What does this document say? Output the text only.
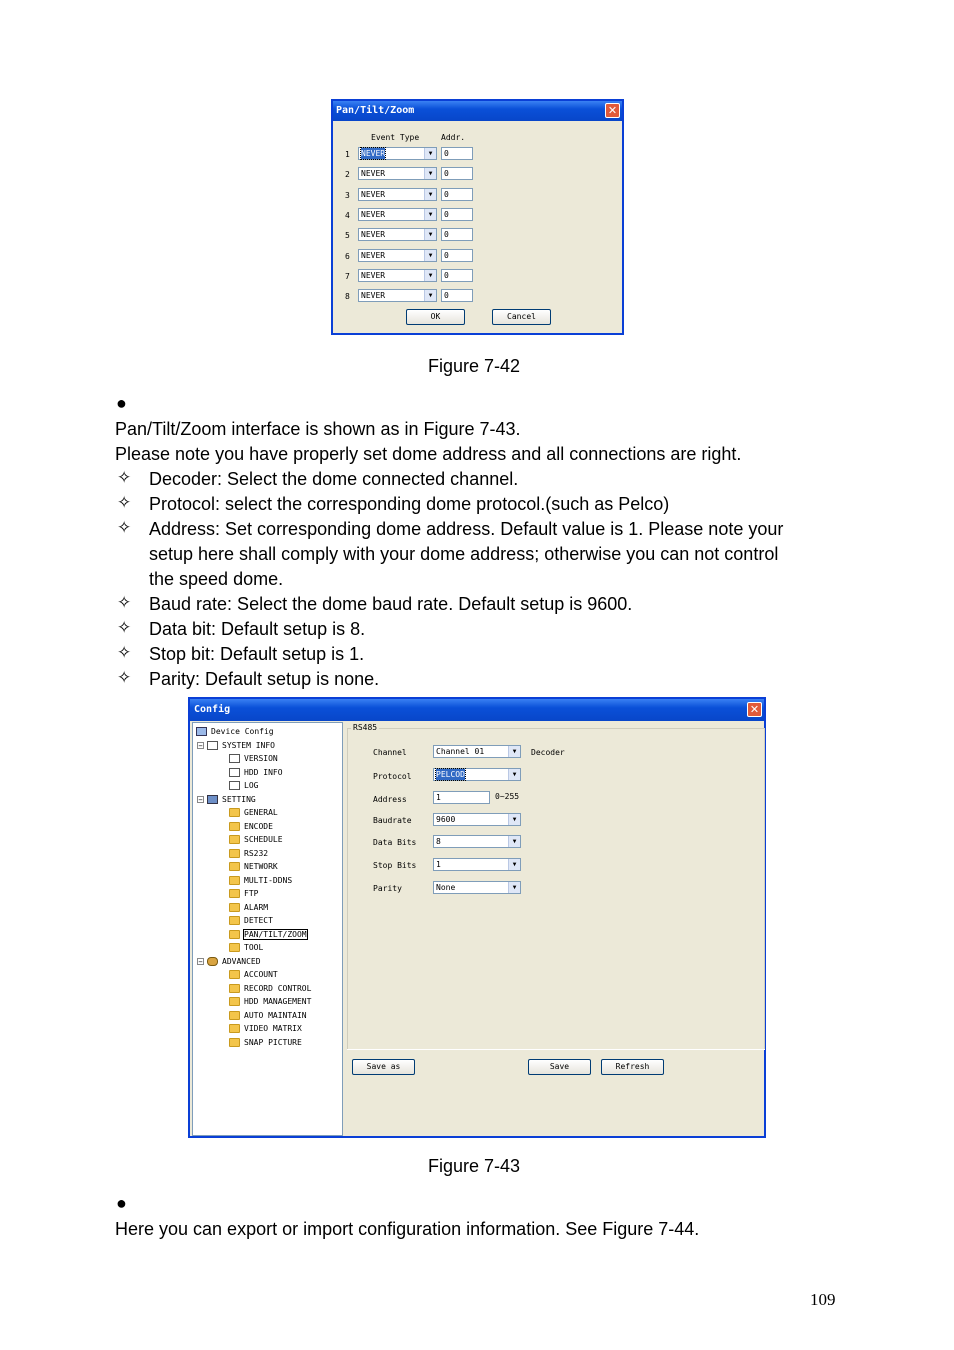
Pan/Tilt/Zoom	✕
Event Type	Addr.
1	NEVER	▼	0
2	NEVER	▼	0
3	NEVER	▼	0
4	NEVER	▼	0
5	NEVER	▼	0
6	NEVER	▼	0
7	NEVER	▼	0
8	NEVER	▼	0
OK	Cancel
Figure 7-42
●
Pan/Tilt/Zoom interface is shown as in Figure 7-43.
Please note you have properly set dome address and all connections are right.
✧ Decoder: Select the dome connected channel.
✧ Protocol: select the corresponding dome protocol.(such as Pelco)
✧ Address: Set corresponding dome address. Default value is 1. Please note your
setup here shall comply with your dome address; otherwise you can not control
the speed dome.
✧ Baud rate: Select the dome baud rate. Default setup is 9600.
✧ Data bit: Default setup is 8.
✧ Stop bit: Default setup is 1.
✧ Parity: Default setup is none.
Config	✕
Device Config
− SYSTEM INFO
VERSION
HDD INFO
LOG
− SETTING
GENERAL
ENCODE
SCHEDULE
RS232
NETWORK
MULTI-DDNS
FTP
ALARM
DETECT
PAN/TILT/ZOOM
TOOL
− ADVANCED
ACCOUNT
RECORD CONTROL
HDD MANAGEMENT
AUTO MAINTAIN
VIDEO MATRIX
SNAP PICTURE
RS485
Channel	Channel 01	▼	Decoder
Protocol	PELCOD	▼
Address	1	0~255
Baudrate	9600	▼
Data Bits	8	▼
Stop Bits	1	▼
Parity	None	▼
Save as	Save	Refresh
Figure 7-43
●
Here you can export or import configuration information. See Figure 7-44.
109
